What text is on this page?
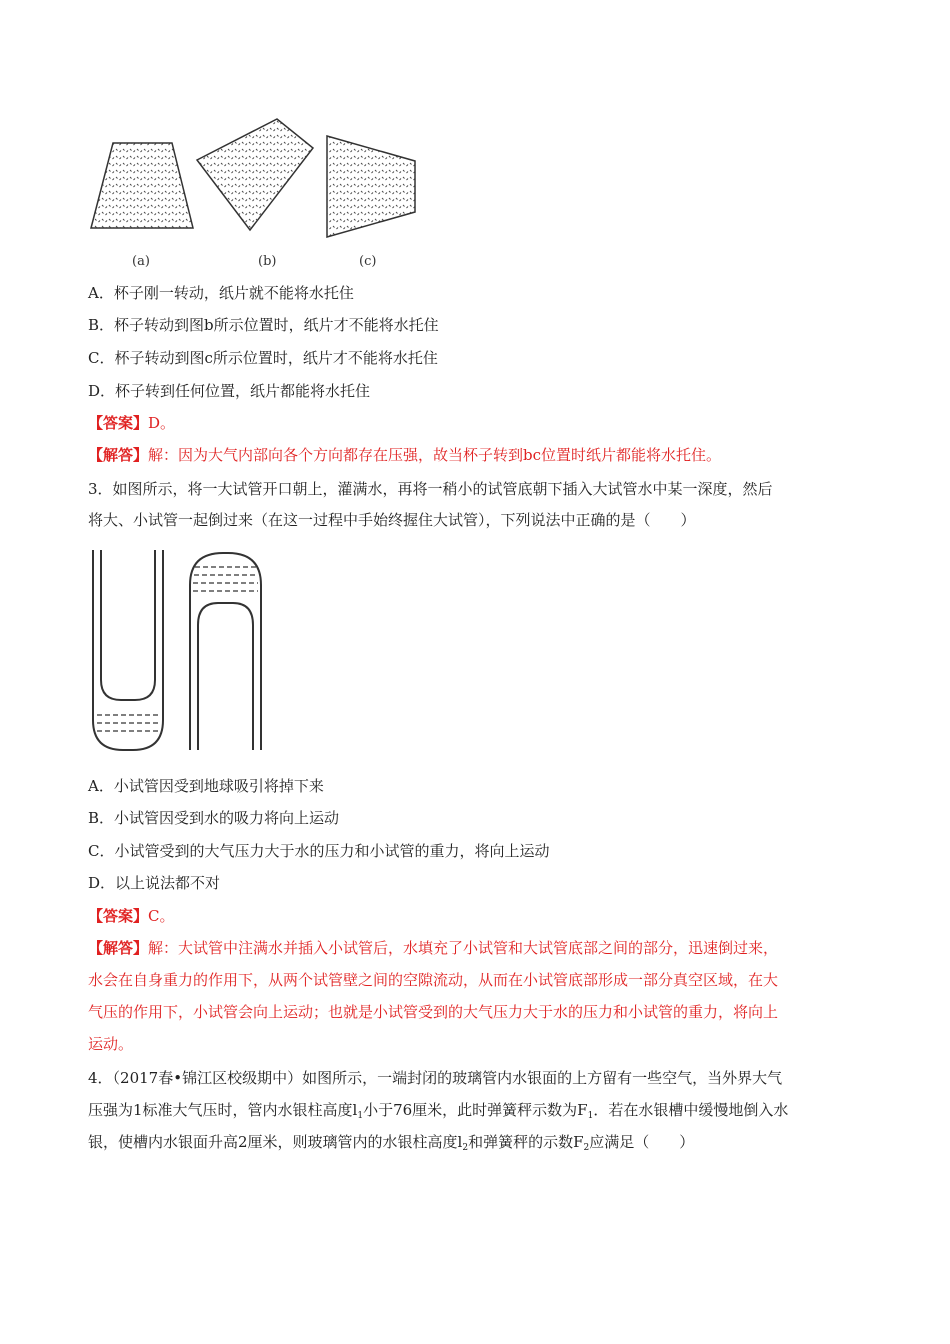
(a)	(b)	(c)
A．杯子刚一转动，纸片就不能将水托住
B．杯子转动到图b所示位置时，纸片才不能将水托住
C．杯子转动到图c所示位置时，纸片才不能将水托住
D．杯子转到任何位置，纸片都能将水托住
【答案】D。
【解答】解：因为大气内部向各个方向都存在压强，故当杯子转到bc位置时纸片都能将水托住。
3．如图所示，将一大试管开口朝上，灌满水，再将一稍小的试管底朝下插入大试管水中某一深度，然后
将大、小试管一起倒过来（在这一过程中手始终握住大试管），下列说法中正确的是（　　）
A．小试管因受到地球吸引将掉下来
B．小试管因受到水的吸力将向上运动
C．小试管受到的大气压力大于水的压力和小试管的重力，将向上运动
D．以上说法都不对
【答案】C。
【解答】解：大试管中注满水并插入小试管后，水填充了小试管和大试管底部之间的部分，迅速倒过来，
水会在自身重力的作用下，从两个试管壁之间的空隙流动，从而在小试管底部形成一部分真空区域，在大
气压的作用下，小试管会向上运动；也就是小试管受到的大气压力大于水的压力和小试管的重力，将向上
运动。
4．（2017春•锦江区校级期中）如图所示，一端封闭的玻璃管内水银面的上方留有一些空气，当外界大气
压强为1标准大气压时，管内水银柱高度$l_1$小于76厘米，此时弹簧秤示数为$F_1$．若在水银槽中缓慢地倒入水
银，使槽内水银面升高2厘米，则玻璃管内的水银柱高度$l_2$和弹簧秤的示数$F_2$应满足（　　）
